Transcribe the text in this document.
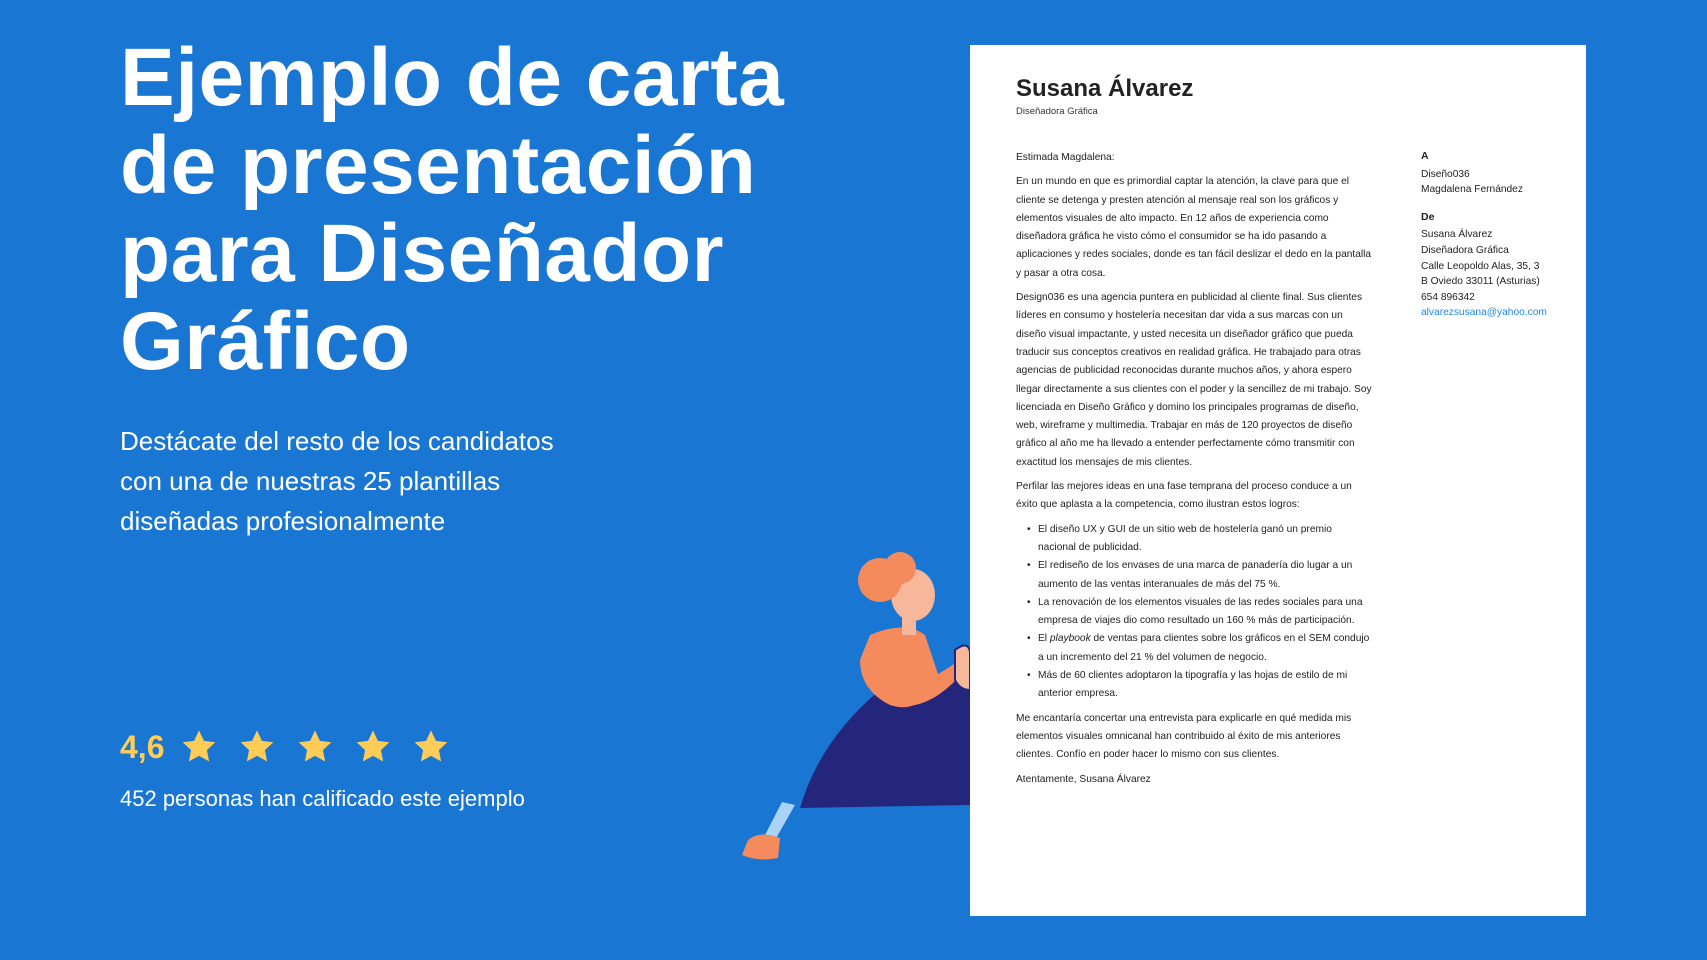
Ejemplo de carta de presentación para Diseñador Gráfico

Destácate del resto de los candidatos con una de nuestras 25 plantillas diseñadas profesionalmente

4,6

452 personas han calificado este ejemplo

Susana Álvarez
Diseñadora Gráfica

Estimada Magdalena:

En un mundo en que es primordial captar la atención, la clave para que el cliente se detenga y presten atención al mensaje real son los gráficos y elementos visuales de alto impacto. En 12 años de experiencia como diseñadora gráfica he visto cómo el consumidor se ha ido pasando a aplicaciones y redes sociales, donde es tan fácil deslizar el dedo en la pantalla y pasar a otra cosa.

Design036 es una agencia puntera en publicidad al cliente final. Sus clientes líderes en consumo y hostelería necesitan dar vida a sus marcas con un diseño visual impactante, y usted necesita un diseñador gráfico que pueda traducir sus conceptos creativos en realidad gráfica. He trabajado para otras agencias de publicidad reconocidas durante muchos años, y ahora espero llegar directamente a sus clientes con el poder y la sencillez de mi trabajo. Soy licenciada en Diseño Gráfico y domino los principales programas de diseño, web, wireframe y multimedia. Trabajar en más de 120 proyectos de diseño gráfico al año me ha llevado a entender perfectamente cómo transmitir con exactitud los mensajes de mis clientes.

Perfilar las mejores ideas en una fase temprana del proceso conduce a un éxito que aplasta a la competencia, como ilustran estos logros:

• El diseño UX y GUI de un sitio web de hostelería ganó un premio nacional de publicidad.
• El rediseño de los envases de una marca de panadería dio lugar a un aumento de las ventas interanuales de más del 75 %.
• La renovación de los elementos visuales de las redes sociales para una empresa de viajes dio como resultado un 160 % más de participación.
• El playbook de ventas para clientes sobre los gráficos en el SEM condujo a un incremento del 21 % del volumen de negocio.
• Más de 60 clientes adoptaron la tipografía y las hojas de estilo de mi anterior empresa.

Me encantaría concertar una entrevista para explicarle en qué medida mis elementos visuales omnicanal han contribuido al éxito de mis anteriores clientes. Confío en poder hacer lo mismo con sus clientes.

Atentamente, Susana Álvarez

A
Diseño036
Magdalena Fernández
De
Susana Álvarez
Diseñadora Gráfica
Calle Leopoldo Alas, 35, 3
B Oviedo 33011 (Asturias)
654 896342
alvarezsusana@yahoo.com
